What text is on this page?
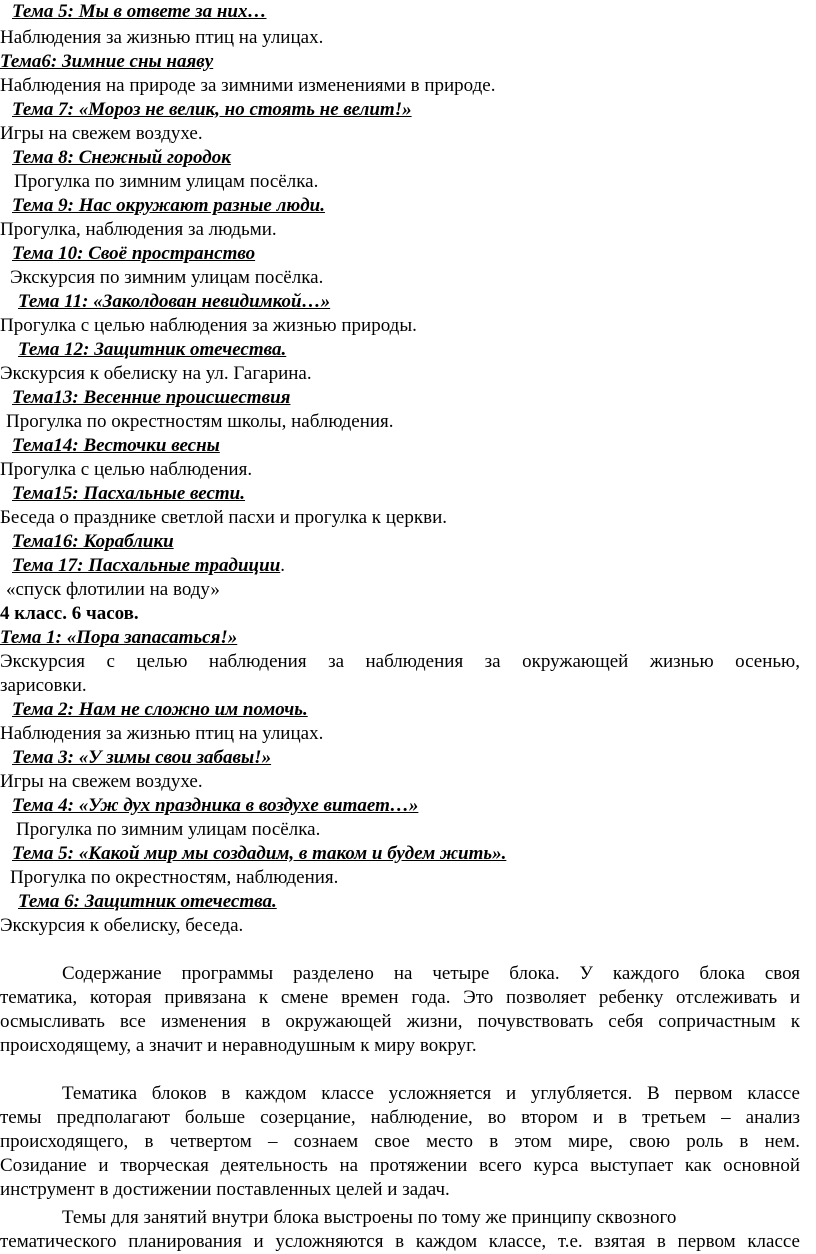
Тема 5: Мы в ответе за них…
Наблюдения за жизнью птиц на улицах.
Тема6: Зимние сны наяву
Наблюдения на природе за зимними изменениями в природе.
Тема 7: «Мороз не велик, но стоять не велит!»
Игры на свежем воздухе.
Тема 8: Снежный городок
Прогулка по зимним улицам посёлка.
Тема 9: Нас окружают разные люди.
Прогулка, наблюдения за людьми.
Тема 10: Своё пространство
Экскурсия по зимним улицам посёлка.
Тема 11: «Заколдован невидимкой…»
Прогулка с целью наблюдения за жизнью природы.
Тема 12: Защитник отечества.
Экскурсия к обелиску на ул. Гагарина.
Тема13: Весенние происшествия
Прогулка по окрестностям школы, наблюдения.
Тема14: Весточки весны
Прогулка с целью наблюдения.
Тема15: Пасхальные вести.
Беседа о празднике светлой пасхи и прогулка к церкви.
Тема16: Кораблики
Тема 17: Пасхальные традиции.
«спуск флотилии на воду»
4 класс. 6 часов.
Тема 1: «Пора запасаться!»
Экскурсия с целью наблюдения за наблюдения за окружающей жизнью осенью,
зарисовки.
Тема 2: Нам не сложно им помочь.
Наблюдения за жизнью птиц на улицах.
Тема 3: «У зимы свои забавы!»
Игры на свежем воздухе.
Тема 4: «Уж дух праздника в воздухе витает…»
Прогулка по зимним улицам посёлка.
Тема 5: «Какой мир мы создадим, в таком и будем жить».
Прогулка по окрестностям, наблюдения.
Тема 6: Защитник отечества.
Экскурсия к обелиску, беседа.
Содержание программы разделено на четыре блока. У каждого блока своя
тематика, которая привязана к смене времен года. Это позволяет ребенку отслеживать и
осмысливать все изменения в окружающей жизни, почувствовать себя сопричастным к
происходящему, а значит и неравнодушным к миру вокруг.
Тематика блоков в каждом классе усложняется и углубляется. В первом классе
темы предполагают больше созерцание, наблюдение, во втором и в третьем – анализ
происходящего, в четвертом – сознаем свое место в этом мире, свою роль в нем.
Созидание и творческая деятельность на протяжении всего курса выступает как основной
инструмент в достижении поставленных целей и задач.
Темы для занятий внутри блока выстроены по тому же принципу сквозного
тематического планирования и усложняются в каждом классе, т.е. взятая в первом классе
